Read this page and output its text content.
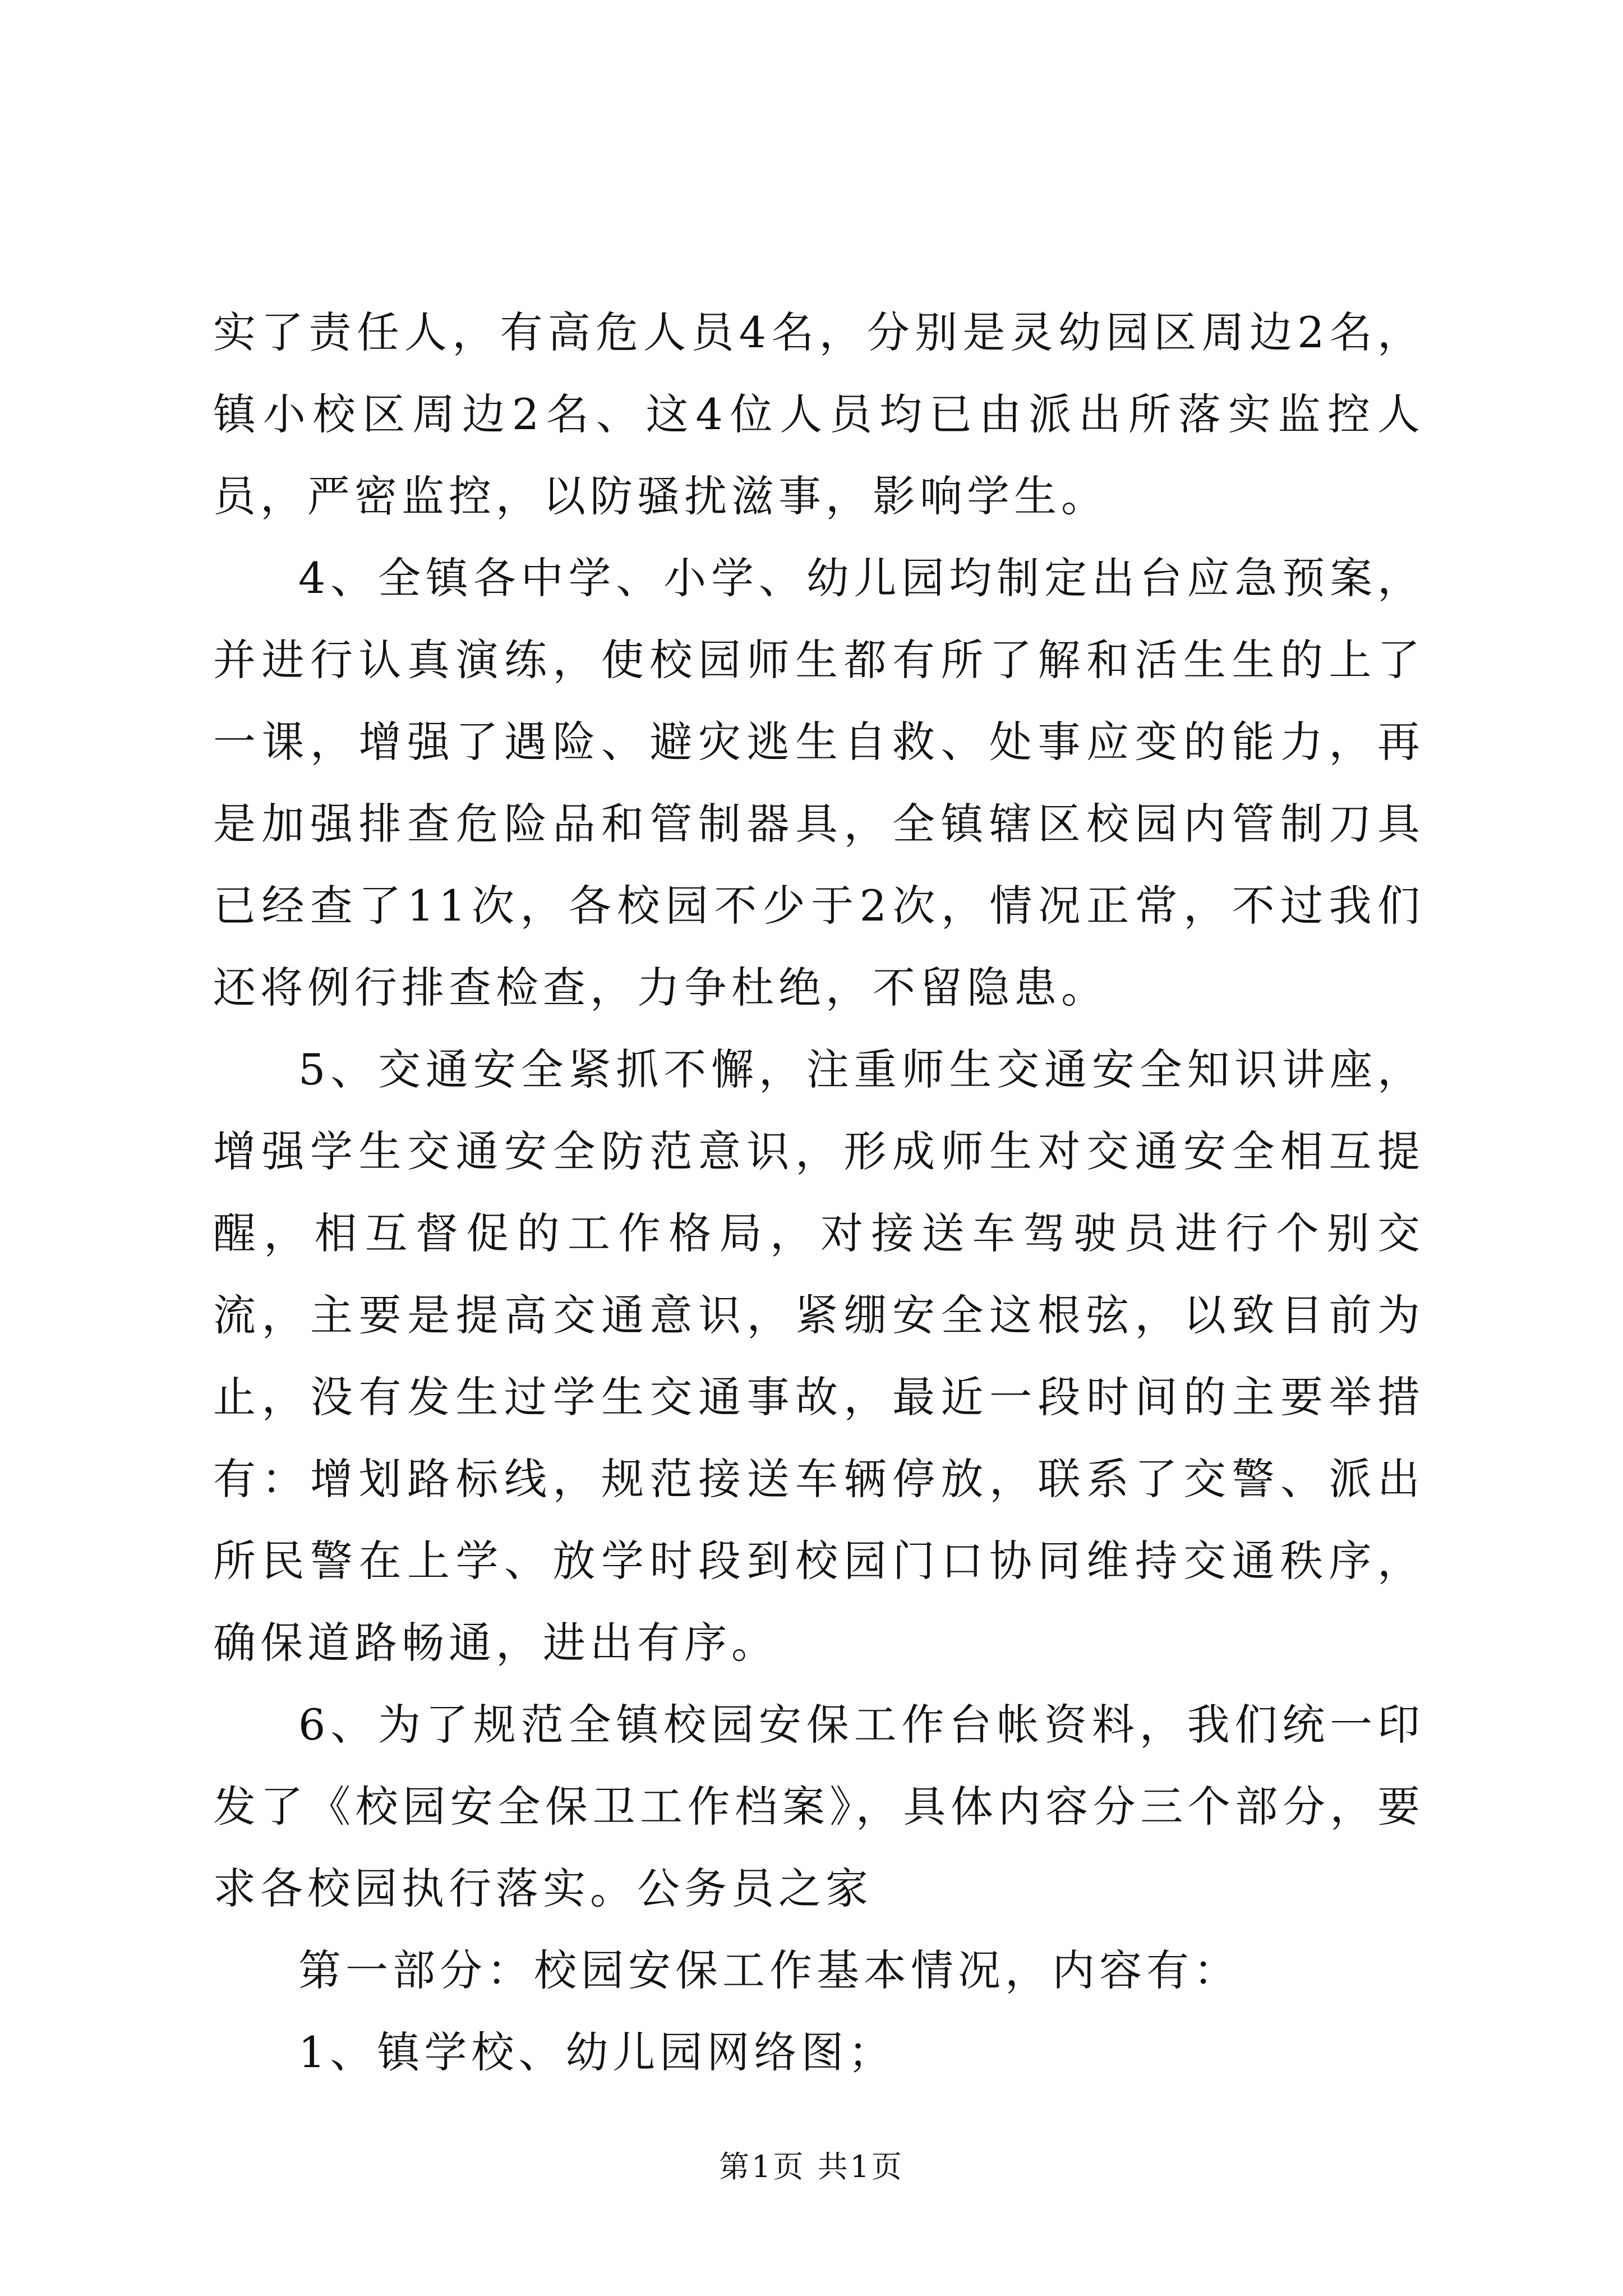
实了责任人，有高危人员4名，分别是灵幼园区周边2名，镇小校区周边2名、这4位人员均已由派出所落实监控人员，严密监控，以防骚扰滋事，影响学生。

4、全镇各中学、小学、幼儿园均制定出台应急预案，并进行认真演练，使校园师生都有所了解和活生生的上了一课，增强了遇险、避灾逃生自救、处事应变的能力，再是加强排查危险品和管制器具，全镇辖区校园内管制刀具已经查了11次，各校园不少于2次，情况正常，不过我们还将例行排查检查，力争杜绝，不留隐患。

5、交通安全紧抓不懈，注重师生交通安全知识讲座，增强学生交通安全防范意识，形成师生对交通安全相互提醒，相互督促的工作格局，对接送车驾驶员进行个别交流，主要是提高交通意识，紧绷安全这根弦，以致目前为止，没有发生过学生交通事故，最近一段时间的主要举措有：增划路标线，规范接送车辆停放，联系了交警、派出所民警在上学、放学时段到校园门口协同维持交通秩序，确保道路畅通，进出有序。

6、为了规范全镇校园安保工作台帐资料，我们统一印发了《校园安全保卫工作档案》，具体内容分三个部分，要求各校园执行落实。公务员之家

第一部分：校园安保工作基本情况，内容有：

1、镇学校、幼儿园网络图；

第1页 共1页
